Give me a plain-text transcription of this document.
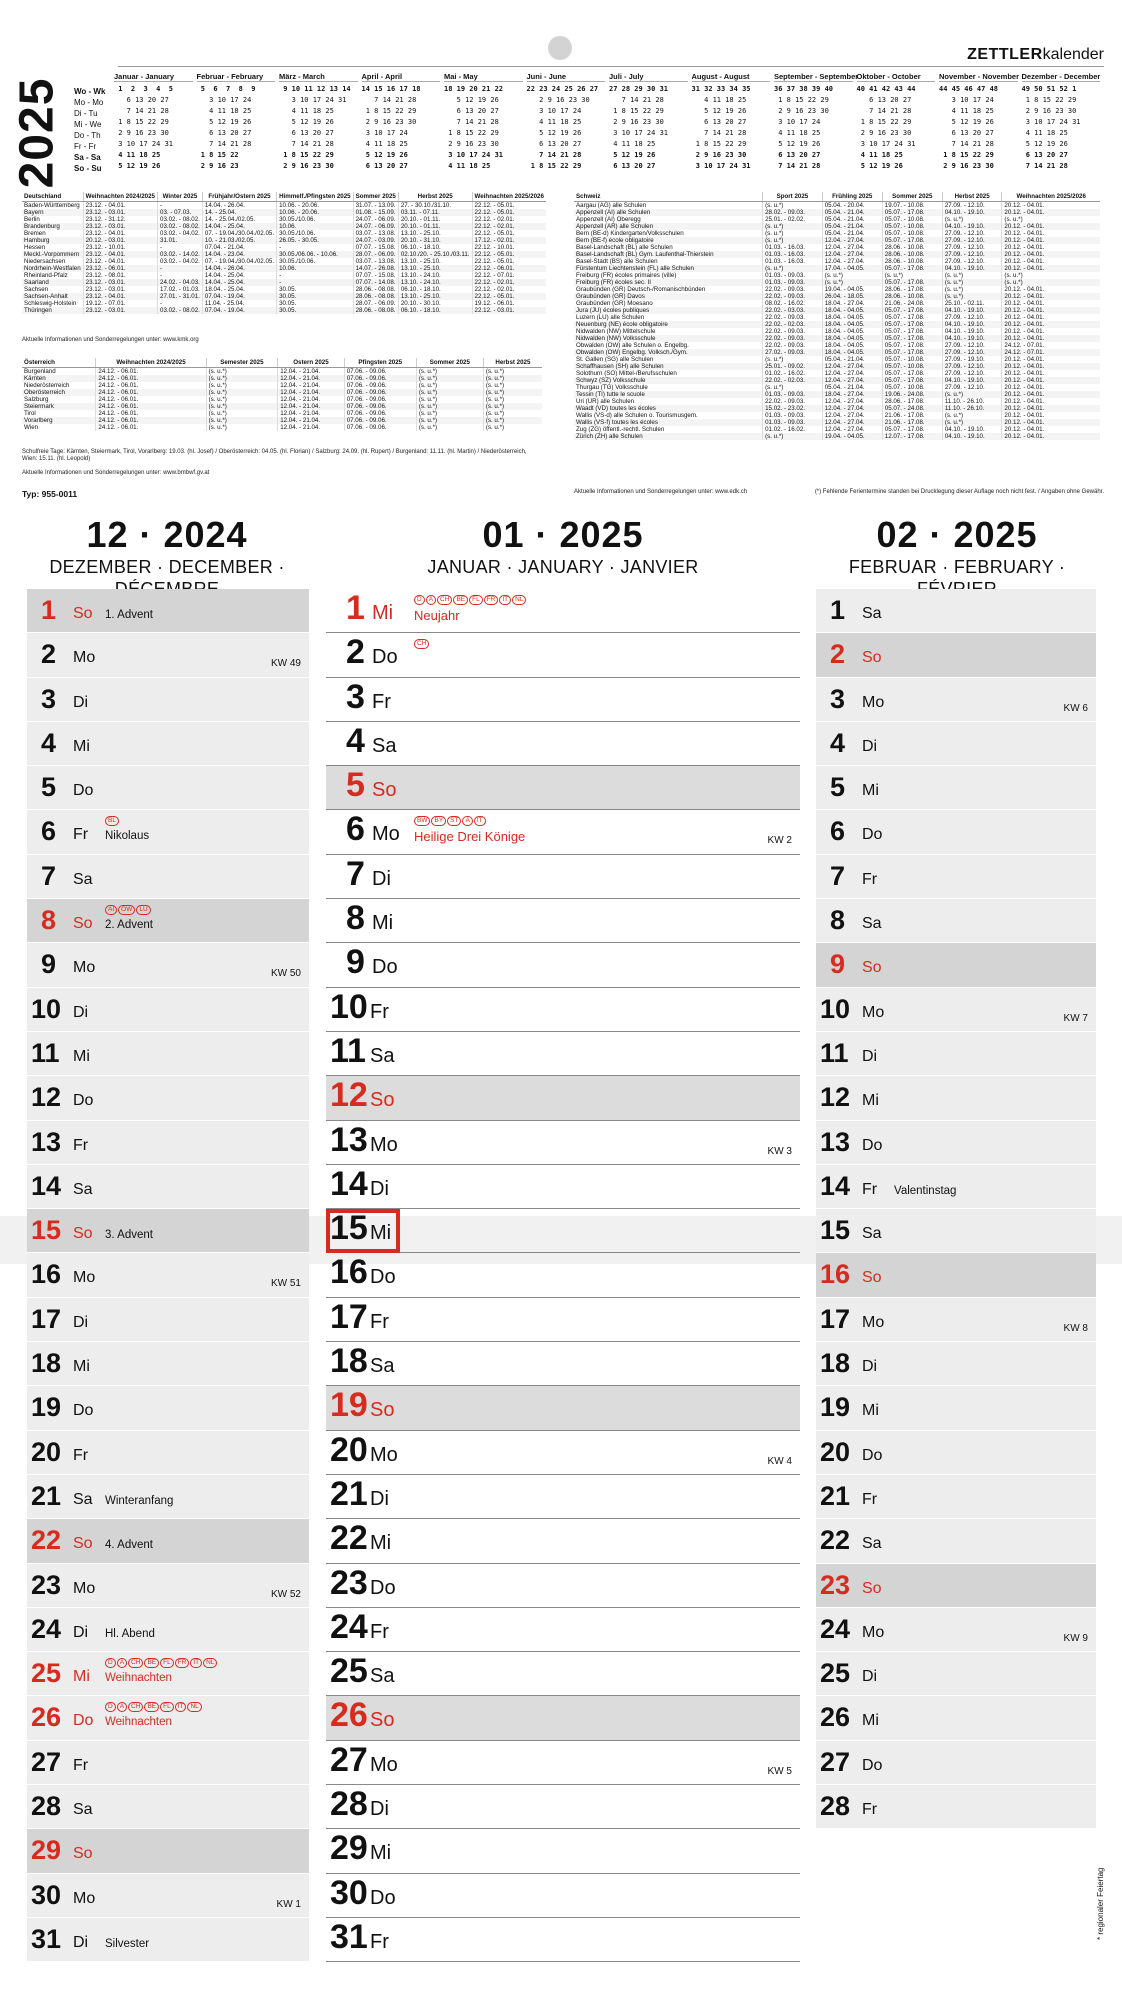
2025
ZETTLERkalender
Wo - Wk
Mo - Mo
Di - Tu
Mi - We
Do - Th
Fr - Fr
Sa - Sa
So - Su
Januar - January
1  2  3  4  5
6 13 20 27
7 14 21 28
1 8 15 22 29
2 9 16 23 30
3 10 17 24 31
4 11 18 25
5 12 19 26
Februar - February
5  6  7  8  9
3 10 17 24
4 11 18 25
5 12 19 26
6 13 20 27
7 14 21 28
1 8 15 22
2 9 16 23
März - March
9 10 11 12 13 14
3 10 17 24 31
4 11 18 25
5 12 19 26
6 13 20 27
7 14 21 28
1 8 15 22 29
2 9 16 23 30
April - April
14 15 16 17 18
7 14 21 28
1 8 15 22 29
2 9 16 23 30
3 10 17 24
4 11 18 25
5 12 19 26
6 13 20 27
Mai - May
18 19 20 21 22
5 12 19 26
6 13 20 27
7 14 21 28
1 8 15 22 29
2 9 16 23 30
3 10 17 24 31
4 11 18 25
Juni - June
22 23 24 25 26 27
2 9 16 23 30
3 10 17 24
4 11 18 25
5 12 19 26
6 13 20 27
7 14 21 28
1 8 15 22 29
Juli - July
27 28 29 30 31
7 14 21 28
1 8 15 22 29
2 9 16 23 30
3 10 17 24 31
4 11 18 25
5 12 19 26
6 13 20 27
August - August
31 32 33 34 35
4 11 18 25
5 12 19 26
6 13 20 27
7 14 21 28
1 8 15 22 29
2 9 16 23 30
3 10 17 24 31
September - September
36 37 38 39 40
1 8 15 22 29
2 9 16 23 30
3 10 17 24
4 11 18 25
5 12 19 26
6 13 20 27
7 14 21 28
Oktober - October
40 41 42 43 44
6 13 20 27
7 14 21 28
1 8 15 22 29
2 9 16 23 30
3 10 17 24 31
4 11 18 25
5 12 19 26
November - November
44 45 46 47 48
3 10 17 24
4 11 18 25
5 12 19 26
6 13 20 27
7 14 21 28
1 8 15 22 29
2 9 16 23 30
Dezember - December
49 50 51 52 1
1 8 15 22 29
2 9 16 23 30
3 10 17 24 31
4 11 18 25
5 12 19 26
6 13 20 27
7 14 21 28
Deutschland	Weihnachten 2024/2025	Winter 2025	Frühjahr/Ostern 2025	Himmelf./Pfingsten 2025	Sommer 2025	Herbst 2025	Weihnachten 2025/2026
Baden-Württemberg	23.12. - 04.01.	-	14.04. - 26.04.	10.06. - 20.06.	31.07. - 13.09.	27. - 30.10./31.10.	22.12. - 05.01.
Bayern	23.12. - 03.01.	03. - 07.03.	14. - 25.04.	10.06. - 20.06.	01.08. - 15.09.	03.11. - 07.11.	22.12. - 05.01.
Berlin	23.12. - 31.12.	03.02. - 08.02.	14. - 25.04./02.05.	30.05./10.06.	24.07. - 06.09.	20.10. - 01.11.	22.12. - 02.01.
Brandenburg	23.12. - 03.01.	03.02. - 08.02.	14.04. - 25.04.	10.06.	24.07. - 06.09.	20.10. - 01.11.	22.12. - 02.01.
Bremen	23.12. - 04.01.	03.02. - 04.02.	07. - 19.04./30.04./02.05.	30.05./10.06.	03.07. - 13.08.	13.10. - 25.10.	22.12. - 05.01.
Hamburg	20.12. - 03.01.	31.01.	10. - 21.03./02.05.	26.05. - 30.05.	24.07. - 03.09.	20.10. - 31.10.	17.12. - 02.01.
Hessen	23.12. - 10.01.	-	07.04. - 21.04.	-	07.07. - 15.08.	06.10. - 18.10.	22.12. - 10.01.
Meckl.-Vorpommern	23.12. - 04.01.	03.02. - 14.02.	14.04. - 23.04.	30.05./06.06. - 10.06.	28.07. - 06.09.	02.10./20. - 25.10./03.11.	22.12. - 05.01.
Niedersachsen	23.12. - 04.01.	03.02. - 04.02.	07. - 19.04./30.04./02.05.	30.05./10.06.	03.07. - 13.08.	13.10. - 25.10.	22.12. - 05.01.
Nordrhein-Westfalen	23.12. - 06.01.	-	14.04. - 26.04.	10.06.	14.07. - 26.08.	13.10. - 25.10.	22.12. - 06.01.
Rheinland-Pfalz	23.12. - 08.01.	-	14.04. - 25.04.	-	07.07. - 15.08.	13.10. - 24.10.	22.12. - 07.01.
Saarland	23.12. - 03.01.	24.02. - 04.03.	14.04. - 25.04.	-	07.07. - 14.08.	13.10. - 24.10.	22.12. - 02.01.
Sachsen	23.12. - 03.01.	17.02. - 01.03.	18.04. - 25.04.	30.05.	28.06. - 08.08.	06.10. - 18.10.	22.12. - 02.01.
Sachsen-Anhalt	23.12. - 04.01.	27.01. - 31.01.	07.04. - 19.04.	30.05.	28.06. - 08.08.	13.10. - 25.10.	22.12. - 05.01.
Schleswig-Holstein	19.12. - 07.01.	-	11.04. - 25.04.	30.05.	28.07. - 06.09.	20.10. - 30.10.	19.12. - 06.01.
Thüringen	23.12. - 03.01.	03.02. - 08.02.	07.04. - 19.04.	30.05.	28.06. - 08.08.	06.10. - 18.10.	22.12. - 03.01.
Aktuelle Informationen und Sonderregelungen unter: www.kmk.org
Österreich	Weihnachten 2024/2025	Semester 2025	Ostern 2025	Pfingsten 2025	Sommer 2025	Herbst 2025
Burgenland	24.12. - 06.01.	(s. u.*)	12.04. - 21.04.	07.06. - 09.06.	(s. u.*)	(s. u.*)
Kärnten	24.12. - 06.01.	(s. u.*)	12.04. - 21.04.	07.06. - 09.06.	(s. u.*)	(s. u.*)
Niederösterreich	24.12. - 06.01.	(s. u.*)	12.04. - 21.04.	07.06. - 09.06.	(s. u.*)	(s. u.*)
Oberösterreich	24.12. - 06.01.	(s. u.*)	12.04. - 21.04.	07.06. - 09.06.	(s. u.*)	(s. u.*)
Salzburg	24.12. - 06.01.	(s. u.*)	12.04. - 21.04.	07.06. - 09.06.	(s. u.*)	(s. u.*)
Steiermark	24.12. - 06.01.	(s. u.*)	12.04. - 21.04.	07.06. - 09.06.	(s. u.*)	(s. u.*)
Tirol	24.12. - 06.01.	(s. u.*)	12.04. - 21.04.	07.06. - 09.06.	(s. u.*)	(s. u.*)
Vorarlberg	24.12. - 06.01.	(s. u.*)	12.04. - 21.04.	07.06. - 09.06.	(s. u.*)	(s. u.*)
Wien	24.12. - 06.01.	(s. u.*)	12.04. - 21.04.	07.06. - 09.06.	(s. u.*)	(s. u.*)
Schulfreie Tage: Kärnten, Steiermark, Tirol, Vorarlberg: 19.03. (hl. Josef) / Oberösterreich: 04.05. (hl. Florian) / Salzburg: 24.09. (hl. Rupert) / Burgenland: 11.11. (hl. Martin) / Niederösterreich, Wien: 15.11. (hl. Leopold)
Aktuelle Informationen und Sonderregelungen unter: www.bmbwf.gv.at
Schweiz	Sport 2025	Frühling 2025	Sommer 2025	Herbst 2025	Weihnachten 2025/2026
Aargau (AG) alle Schulen	(s. u.*)	05.04. - 20.04.	19.07. - 10.08.	27.09. - 12.10.	20.12. - 04.01.
Appenzell (AI) alle Schulen	28.02. - 09.03.	05.04. - 21.04.	05.07. - 17.08.	04.10. - 19.10.	20.12. - 04.01.
Appenzell (AI) Oberegg	25.01. - 02.02.	05.04. - 21.04.	05.07. - 10.08.	(s. u.*)	(s. u.*)
Appenzell (AR) alle Schulen	(s. u.*)	05.04. - 21.04.	05.07. - 10.08.	04.10. - 19.10.	20.12. - 04.01.
Bern (BE-d) Kindergarten/Volksschulen	(s. u.*)	05.04. - 21.04.	05.07. - 10.08.	27.09. - 12.10.	20.12. - 04.01.
Bern (BE-f) école obligatoire	(s. u.*)	12.04. - 27.04.	05.07. - 17.08.	27.09. - 12.10.	20.12. - 04.01.
Basel-Landschaft (BL) alle Schulen	01.03. - 16.03.	12.04. - 27.04.	28.06. - 10.08.	27.09. - 12.10.	20.12. - 04.01.
Basel-Landschaft (BL) Gym. Laufenthal-Thierstein	01.03. - 16.03.	12.04. - 27.04.	28.06. - 10.08.	27.09. - 12.10.	20.12. - 04.01.
Basel-Stadt (BS) alle Schulen	01.03. - 16.03.	12.04. - 27.04.	28.06. - 10.08.	27.09. - 12.10.	20.12. - 04.01.
Fürstentum Liechtenstein (FL) alle Schulen	(s. u.*)	17.04. - 04.05.	05.07. - 17.08.	04.10. - 19.10.	20.12. - 04.01.
Freiburg (FR) écoles primaires (ville)	01.03. - 09.03.	(s. u.*)	(s. u.*)	(s. u.*)	(s. u.*)
Freiburg (FR) écoles sec. II	01.03. - 09.03.	(s. u.*)	05.07. - 17.08.	(s. u.*)	(s. u.*)
Graubünden (GR) Deutsch-/Romanischbünden	22.02. - 09.03.	19.04. - 04.05.	28.06. - 17.08.	(s. u.*)	20.12. - 04.01.
Graubünden (GR) Davos	22.02. - 09.03.	26.04. - 18.05.	28.06. - 10.08.	(s. u.*)	20.12. - 04.01.
Graubünden (GR) Moesano	08.02. - 16.02.	18.04. - 27.04.	21.06. - 24.08.	25.10. - 02.11.	20.12. - 04.01.
Jura (JU) écoles publiques	22.02. - 03.03.	18.04. - 04.05.	05.07. - 17.08.	04.10. - 19.10.	20.12. - 04.01.
Luzern (LU) alle Schulen	22.02. - 09.03.	18.04. - 04.05.	05.07. - 17.08.	27.09. - 12.10.	20.12. - 04.01.
Neuenburg (NE) école obligatoire	22.02. - 02.03.	18.04. - 04.05.	05.07. - 17.08.	04.10. - 19.10.	20.12. - 04.01.
Nidwalden (NW) Mittelschule	22.02. - 09.03.	18.04. - 04.05.	05.07. - 17.08.	04.10. - 19.10.	20.12. - 04.01.
Nidwalden (NW) Volksschule	22.02. - 09.03.	18.04. - 04.05.	05.07. - 17.08.	04.10. - 19.10.	20.12. - 04.01.
Obwalden (OW) alle Schulen o. Engelbg.	22.02. - 09.03.	18.04. - 04.05.	05.07. - 17.08.	27.09. - 12.10.	24.12. - 07.01.
Obwalden (OW) Engelbg. Volksch./Gym.	27.02. - 09.03.	18.04. - 04.05.	05.07. - 17.08.	27.09. - 12.10.	24.12. - 07.01.
St. Gallen (SG) alle Schulen	(s. u.*)	05.04. - 21.04.	05.07. - 10.08.	27.09. - 19.10.	20.12. - 04.01.
Schaffhausen (SH) alle Schulen	25.01. - 09.02.	12.04. - 27.04.	05.07. - 10.08.	27.09. - 12.10.	20.12. - 04.01.
Solothurn (SO) Mittel-/Berufsschulen	01.02. - 16.02.	12.04. - 27.04.	05.07. - 17.08.	27.09. - 12.10.	20.12. - 04.01.
Schwyz (SZ) Volksschule	22.02. - 02.03.	12.04. - 27.04.	05.07. - 17.08.	04.10. - 19.10.	20.12. - 04.01.
Thurgau (TG) Volksschule	(s. u.*)	05.04. - 21.04.	05.07. - 10.08.	27.09. - 12.10.	20.12. - 04.01.
Tessin (TI) tutte le scuole	01.03. - 09.03.	18.04. - 27.04.	19.06. - 24.08.	(s. u.*)	20.12. - 04.01.
Uri (UR) alle Schulen	22.02. - 09.03.	12.04. - 27.04.	28.06. - 17.08.	11.10. - 26.10.	20.12. - 04.01.
Waadt (VD) toutes les écoles	15.02. - 23.02.	12.04. - 27.04.	05.07. - 24.08.	11.10. - 26.10.	20.12. - 04.01.
Wallis (VS-d) alle Schulen o. Tourismusgem.	01.03. - 09.03.	12.04. - 27.04.	21.06. - 17.08.	(s. u.*)	20.12. - 04.01.
Wallis (VS-f) toutes les écoles	01.03. - 09.03.	12.04. - 27.04.	21.06. - 17.08.	(s. u.*)	20.12. - 04.01.
Zug (ZG) öffentl.-rechtl. Schulen	01.02. - 16.02.	12.04. - 27.04.	05.07. - 17.08.	04.10. - 19.10.	20.12. - 04.01.
Zürich (ZH) alle Schulen	(s. u.*)	19.04. - 04.05.	12.07. - 17.08.	04.10. - 19.10.	20.12. - 04.01.
Aktuelle Informationen und Sonderregelungen unter: www.edk.ch	(*) Fehlende Ferientermine standen bei Drucklegung dieser Auflage noch nicht fest. / Angaben ohne Gewähr.
Typ: 955-0011
12 · 2024
DEZEMBER · DECEMBER ·
01 · 2025
JANUAR · JANUARY · JANVIER
02 · 2025
FEBRUAR · FEBRUARY ·
1 So 1. Advent
2 Mo	KW 49
3 Di
4 Mi
5 Do
6 Fr
BL
Nikolaus
7 Sa
8 So
AI OW LU
2. Advent
9 Mo	KW 50
10 Di
11 Mi
12 Do
13 Fr
14 Sa
15 So 3. Advent
16 Mo	KW 51
17 Di
18 Mi
19 Do
20 Fr
21 Sa Winteranfang
22 So 4. Advent
23 Mo	KW 52
24 Di Hl. Abend
25 Mi
D A CH BE FL FR IT NL
Weihnachten
26 Do
D A CH BE FL IT NL
Weihnachten
27 Fr
28 Sa
29 So
30 Mo	KW 1
31 Di Silvester
1 Mi
D A CH BE FL FR IT NL
Neujahr
2 Do
CH
3 Fr
4 Sa
5 So
6 Mo
BW BY ST A IT
Heilige Drei Könige	KW 2
7 Di
8 Mi
9 Do
10 Fr
11 Sa
12 So
13 Mo	KW 3
14 Di
15 Mi
16 Do
17 Fr
18 Sa
19 So
20 Mo	KW 4
21 Di
22 Mi
23 Do
24 Fr
25 Sa
26 So
27 Mo	KW 5
28 Di
29 Mi
30 Do
31 Fr
1 Sa
2 So
3 Mo	KW 6
4 Di
5 Mi
6 Do
7 Fr
8 Sa
9 So
10 Mo	KW 7
11 Di
12 Mi
13 Do
14 Fr Valentinstag
15 Sa
16 So
17 Mo	KW 8
18 Di
19 Mi
20 Do
21 Fr
22 Sa
23 So
24 Mo	KW 9
25 Di
26 Mi
27 Do
28 Fr
* regionaler Feiertag
